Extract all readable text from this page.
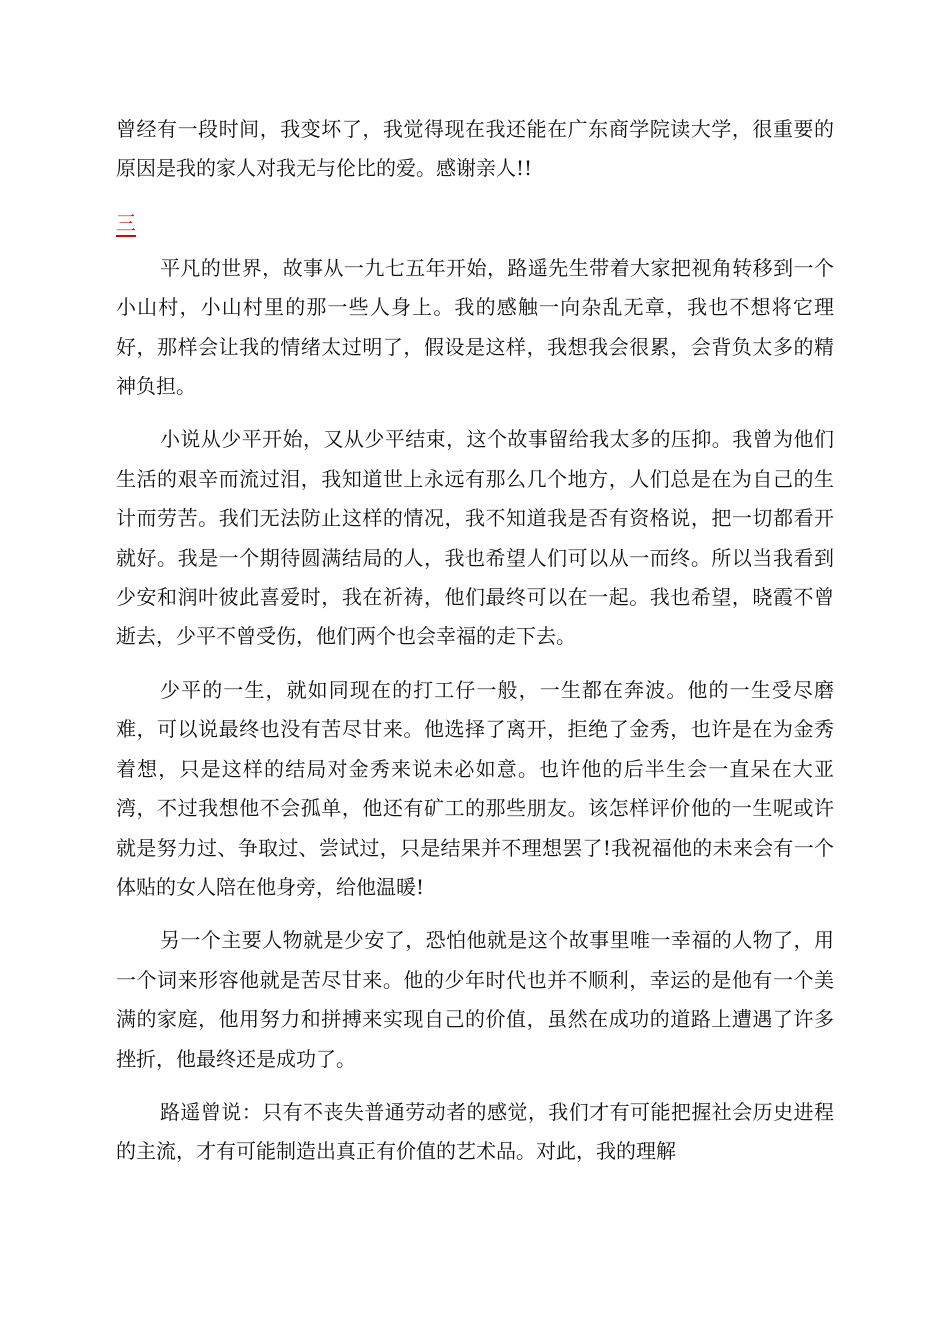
曾经有一段时间，我变坏了，我觉得现在我还能在广东商学院读大学，很重要的原因是我的家人对我无与伦比的爱。感谢亲人!!

三

平凡的世界，故事从一九七五年开始，路遥先生带着大家把视角转移到一个小山村，小山村里的那一些人身上。我的感触一向杂乱无章，我也不想将它理好，那样会让我的情绪太过明了，假设是这样，我想我会很累，会背负太多的精神负担。

小说从少平开始，又从少平结束，这个故事留给我太多的压抑。我曾为他们生活的艰辛而流过泪，我知道世上永远有那么几个地方，人们总是在为自己的生计而劳苦。我们无法防止这样的情况，我不知道我是否有资格说，把一切都看开就好。我是一个期待圆满结局的人，我也希望人们可以从一而终。所以当我看到少安和润叶彼此喜爱时，我在祈祷，他们最终可以在一起。我也希望，晓霞不曾逝去，少平不曾受伤，他们两个也会幸福的走下去。

少平的一生，就如同现在的打工仔一般，一生都在奔波。他的一生受尽磨难，可以说最终也没有苦尽甘来。他选择了离开，拒绝了金秀，也许是在为金秀着想，只是这样的结局对金秀来说未必如意。也许他的后半生会一直呆在大亚湾，不过我想他不会孤单，他还有矿工的那些朋友。该怎样评价他的一生呢或许就是努力过、争取过、尝试过，只是结果并不理想罢了!我祝福他的未来会有一个体贴的女人陪在他身旁，给他温暖!

另一个主要人物就是少安了，恐怕他就是这个故事里唯一幸福的人物了，用一个词来形容他就是苦尽甘来。他的少年时代也并不顺利，幸运的是他有一个美满的家庭，他用努力和拼搏来实现自己的价值，虽然在成功的道路上遭遇了许多挫折，他最终还是成功了。

路遥曾说：只有不丧失普通劳动者的感觉，我们才有可能把握社会历史进程的主流，才有可能制造出真正有价值的艺术品。对此，我的理解
